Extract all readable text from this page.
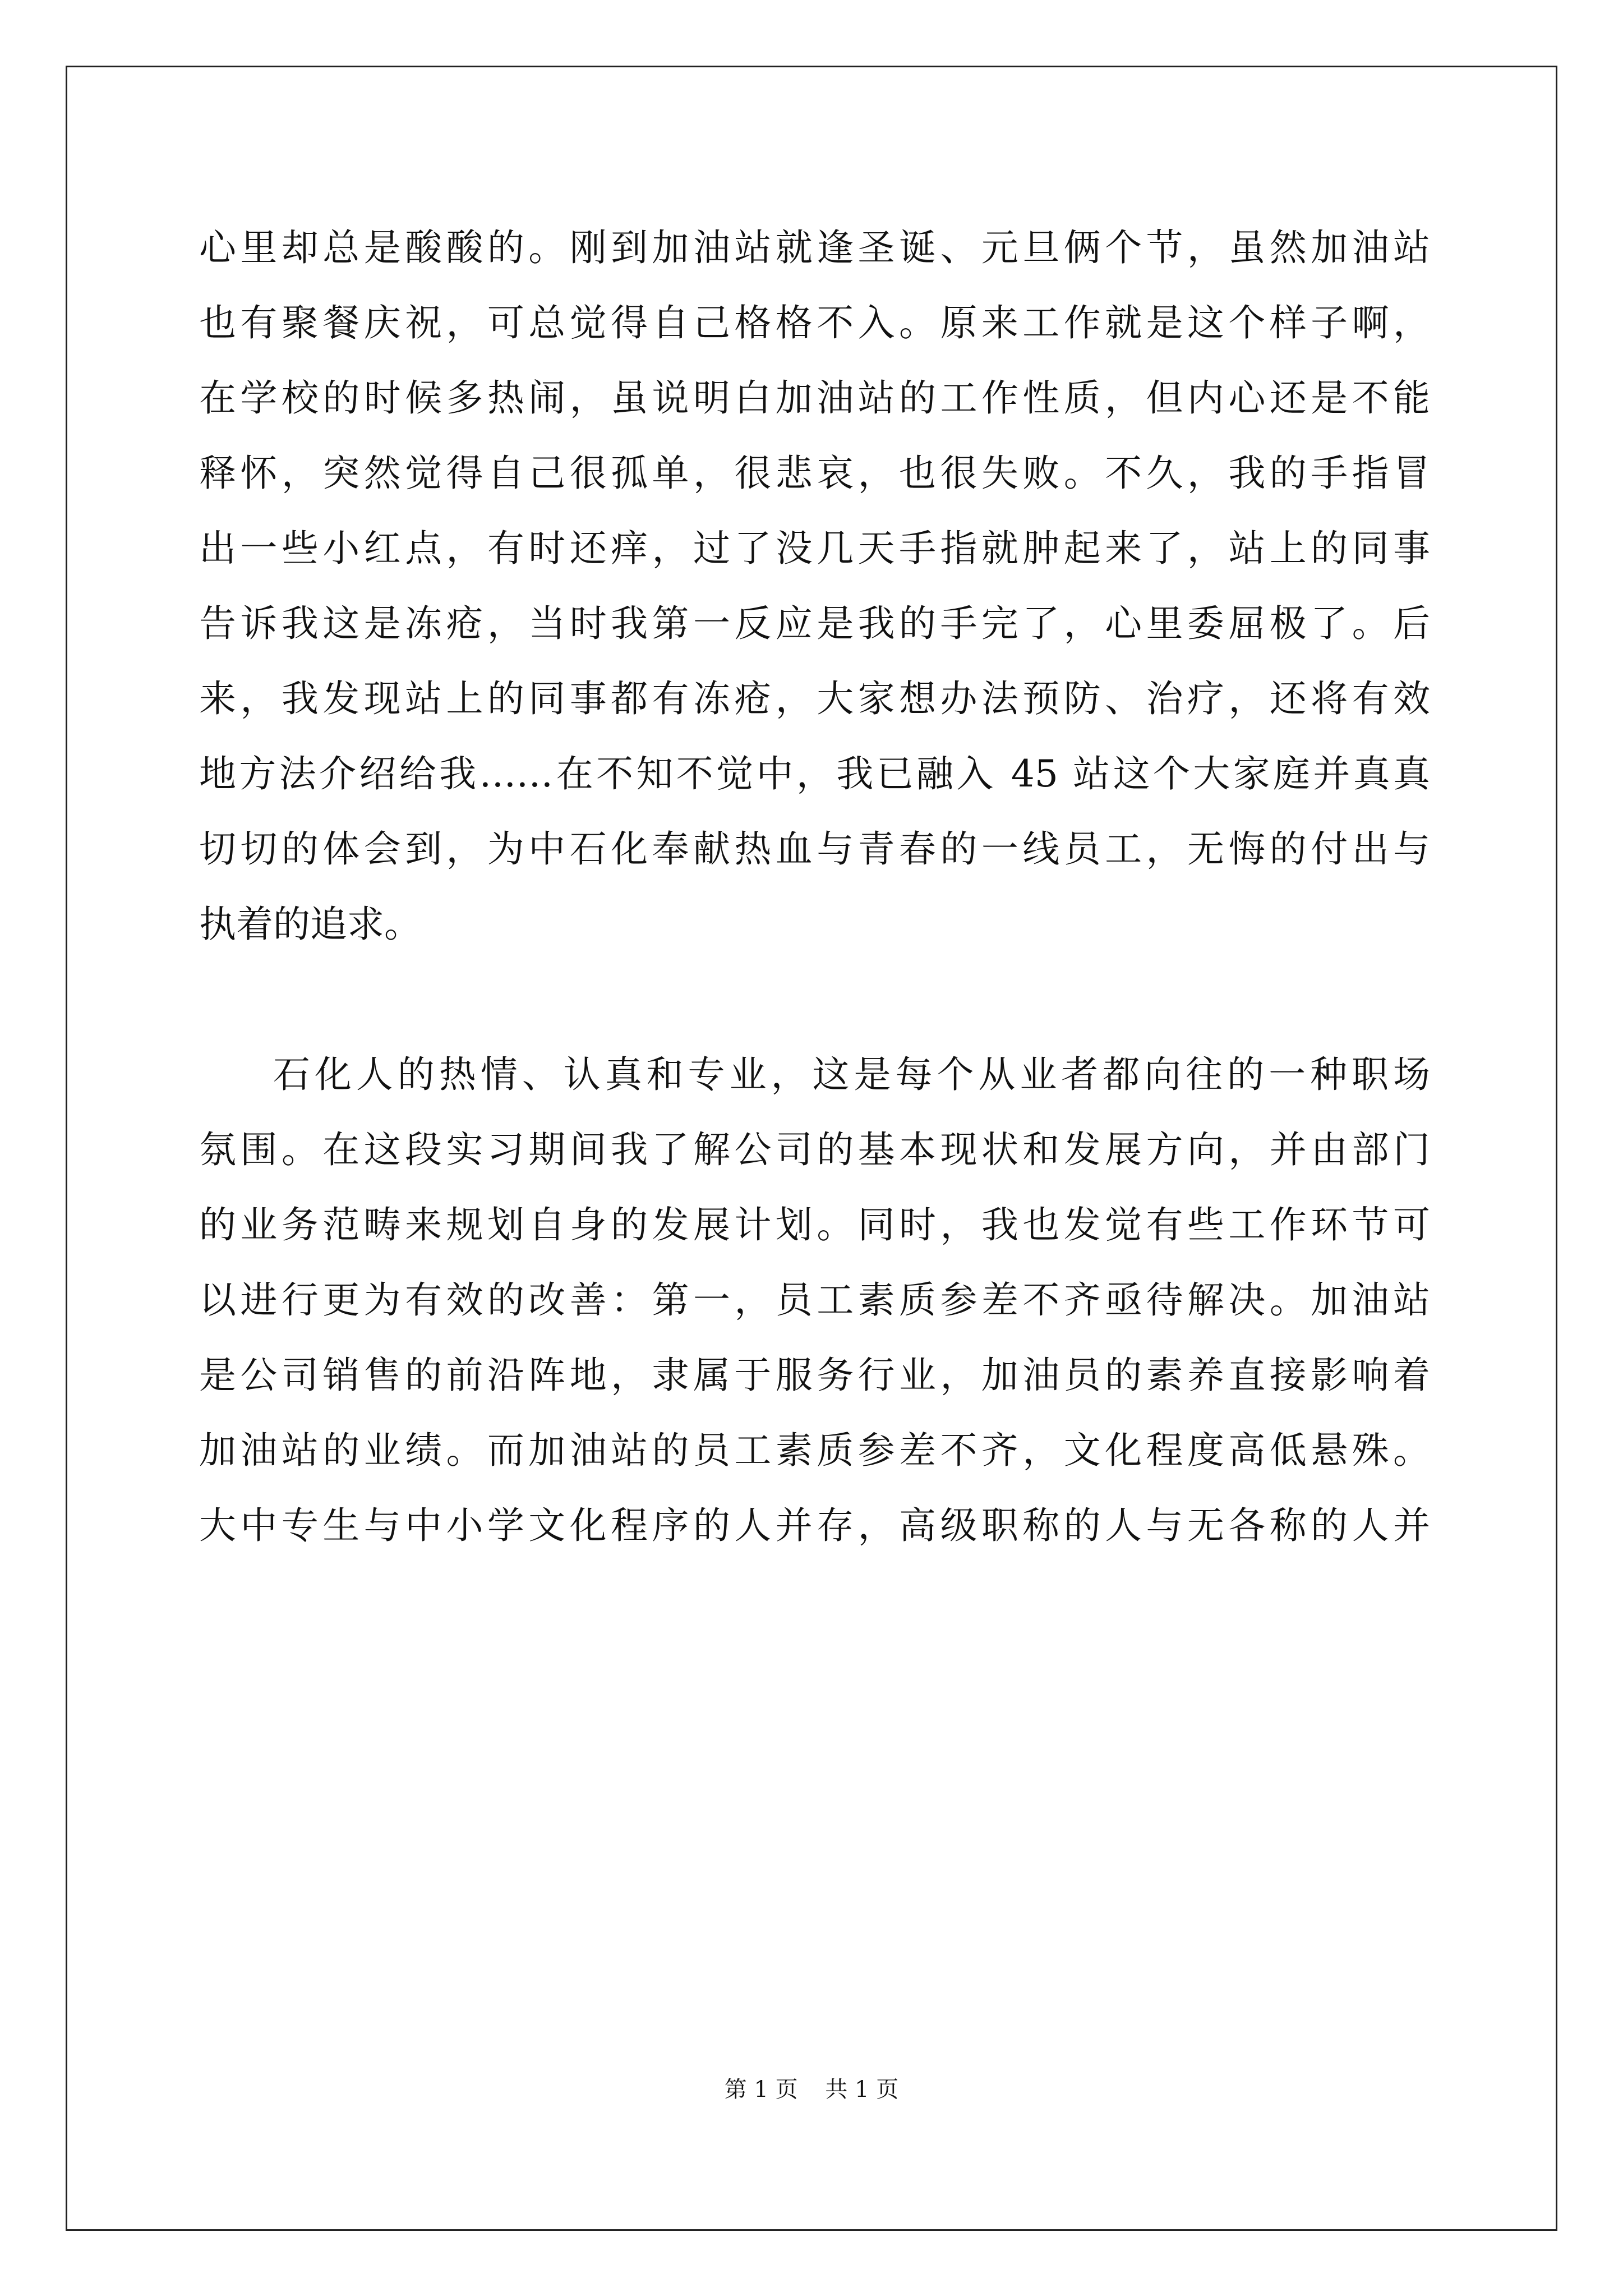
心里却总是酸酸的。刚到加油站就逢圣诞、元旦俩个节，虽然加油站
也有聚餐庆祝，可总觉得自己格格不入。原来工作就是这个样子啊，
在学校的时候多热闹，虽说明白加油站的工作性质，但内心还是不能
释怀，突然觉得自己很孤单，很悲哀，也很失败。不久，我的手指冒
出一些小红点，有时还痒，过了没几天手指就肿起来了，站上的同事
告诉我这是冻疮，当时我第一反应是我的手完了，心里委屈极了。后
来，我发现站上的同事都有冻疮，大家想办法预防、治疗，还将有效
地方法介绍给我……在不知不觉中，我已融入 45 站这个大家庭并真真
切切的体会到，为中石化奉献热血与青春的一线员工，无悔的付出与
执着的追求。
石化人的热情、认真和专业，这是每个从业者都向往的一种职场
氛围。在这段实习期间我了解公司的基本现状和发展方向，并由部门
的业务范畴来规划自身的发展计划。同时，我也发觉有些工作环节可
以进行更为有效的改善：第一，员工素质参差不齐亟待解决。加油站
是公司销售的前沿阵地，隶属于服务行业，加油员的素养直接影响着
加油站的业绩。而加油站的员工素质参差不齐，文化程度高低悬殊。
大中专生与中小学文化程序的人并存，高级职称的人与无各称的人并
第 1 页 共 1 页
